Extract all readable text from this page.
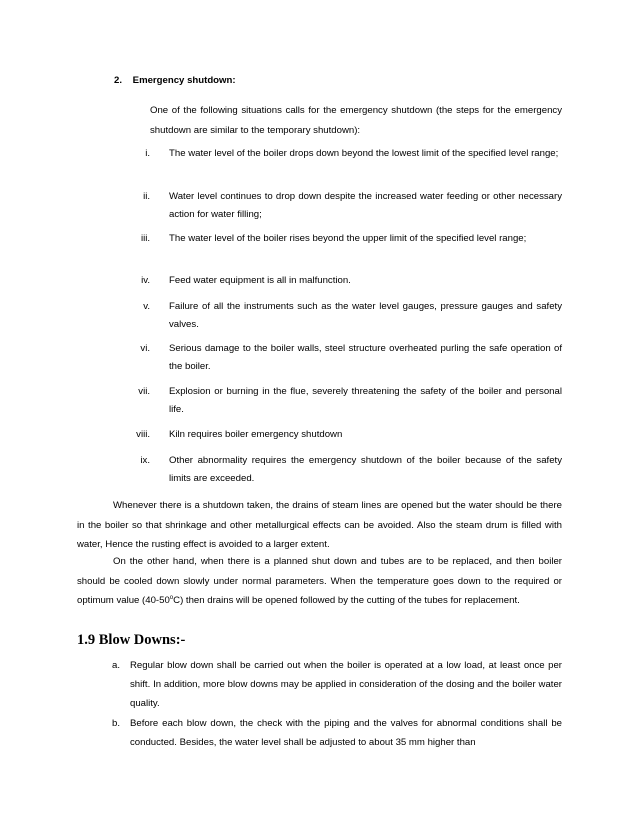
2. Emergency shutdown:
One of the following situations calls for the emergency shutdown (the steps for the emergency shutdown are similar to the temporary shutdown):
i. The water level of the boiler drops down beyond the lowest limit of the specified level range;
ii. Water level continues to drop down despite the increased water feeding or other necessary action for water filling;
iii. The water level of the boiler rises beyond the upper limit of the specified level range;
iv. Feed water equipment is all in malfunction.
v. Failure of all the instruments such as the water level gauges, pressure gauges and safety valves.
vi. Serious damage to the boiler walls, steel structure overheated purling the safe operation of the boiler.
vii. Explosion or burning in the flue, severely threatening the safety of the boiler and personal life.
viii. Kiln requires boiler emergency shutdown
ix. Other abnormality requires the emergency shutdown of the boiler because of the safety limits are exceeded.
Whenever there is a shutdown taken, the drains of steam lines are opened but the water should be there in the boiler so that shrinkage and other metallurgical effects can be avoided. Also the steam drum is filled with water, Hence the rusting effect is avoided to a larger extent.
On the other hand, when there is a planned shut down and tubes are to be replaced, and then boiler should be cooled down slowly under normal parameters. When the temperature goes down to the required or optimum value (40-50$^o$C) then drains will be opened followed by the cutting of the tubes for replacement.
1.9 Blow Downs:-
a.	Regular blow down shall be carried out when the boiler is operated at a low load, at least once per shift. In addition, more blow downs may be applied in consideration of the dosing and the boiler water quality.
b.	Before each blow down, the check with the piping and the valves for abnormal conditions shall be conducted. Besides, the water level shall be adjusted to about 35 mm higher than
